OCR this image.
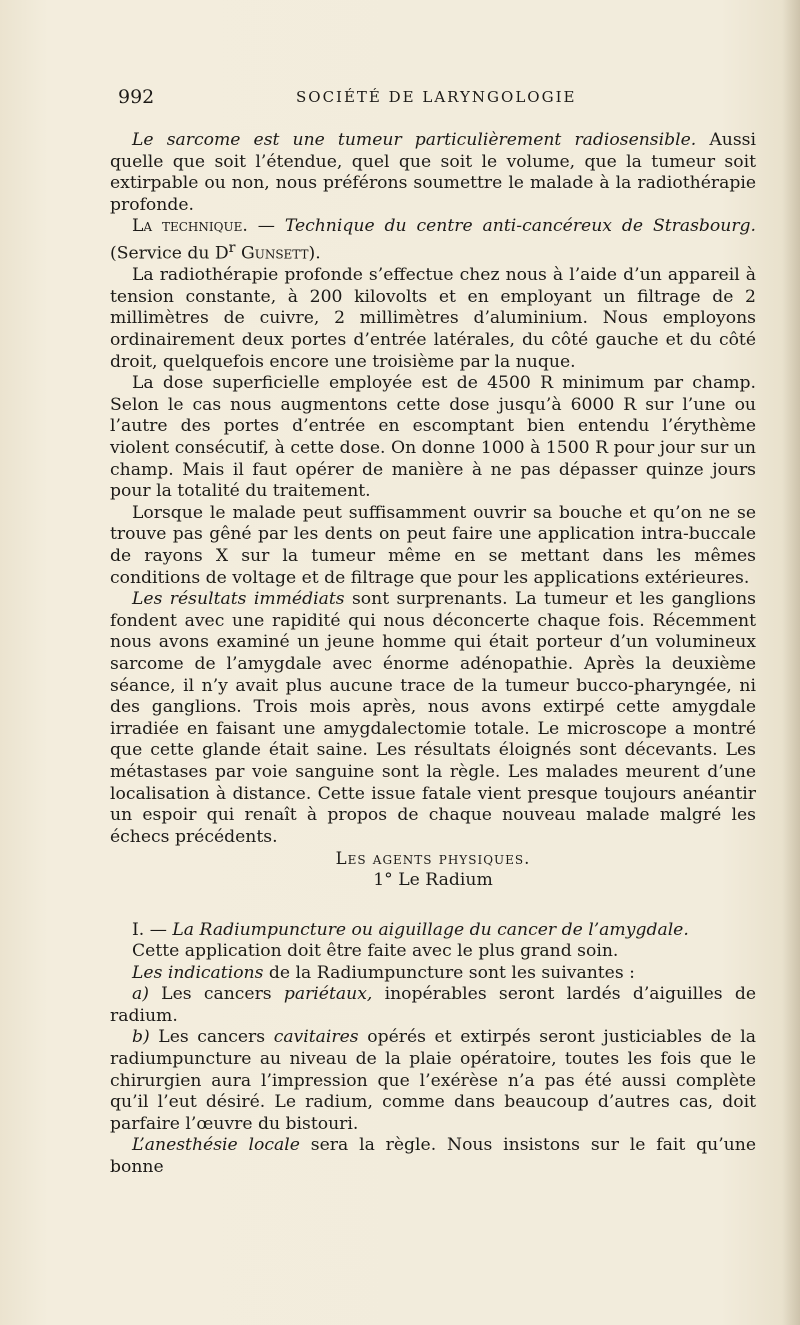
992	SOCIÉTÉ DE LARYNGOLOGIE

Le sarcome est une tumeur particulièrement radiosensible. Aussi quelle que soit l’étendue, quel que soit le volume, que la tumeur soit extirpable ou non, nous préférons soumettre le malade à la radiothérapie profonde.

La technique. — Technique du centre anti-cancéreux de Strasbourg. (Service du $D^r$ Gunsett).

La radiothérapie profonde s’effectue chez nous à l’aide d’un appareil à tension constante, à 200 kilovolts et en employant un filtrage de 2 millimètres de cuivre, 2 millimètres d’aluminium. Nous employons ordinairement deux portes d’entrée latérales, du côté gauche et du côté droit, quelquefois encore une troisième par la nuque.

La dose superficielle employée est de 4500 R minimum par champ. Selon le cas nous augmentons cette dose jusqu’à 6000 R sur l’une ou l’autre des portes d’entrée en escomptant bien entendu l’érythème violent consécutif, à cette dose. On donne 1000 à 1500 R pour jour sur un champ. Mais il faut opérer de manière à ne pas dépasser quinze jours pour la totalité du traitement.

Lorsque le malade peut suffisamment ouvrir sa bouche et qu’on ne se trouve pas gêné par les dents on peut faire une application intra-buccale de rayons X sur la tumeur même en se mettant dans les mêmes conditions de voltage et de filtrage que pour les applications extérieures.

Les résultats immédiats sont surprenants. La tumeur et les ganglions fondent avec une rapidité qui nous déconcerte chaque fois. Récemment nous avons examiné un jeune homme qui était porteur d’un volumineux sarcome de l’amygdale avec énorme adénopathie. Après la deuxième séance, il n’y avait plus aucune trace de la tumeur bucco-pharyngée, ni des ganglions. Trois mois après, nous avons extirpé cette amygdale irradiée en faisant une amygdalectomie totale. Le microscope a montré que cette glande était saine. Les résultats éloignés sont décevants. Les métastases par voie sanguine sont la règle. Les malades meurent d’une localisation à distance. Cette issue fatale vient presque toujours anéantir un espoir qui renaît à propos de chaque nouveau malade malgré les échecs précédents.

Les agents physiques.

1° Le Radium

I. — La Radiumpuncture ou aiguillage du cancer de l’amygdale.

Cette application doit être faite avec le plus grand soin.

Les indications de la Radiumpuncture sont les suivantes :

a) Les cancers pariétaux, inopérables seront lardés d’aiguilles de radium.

b) Les cancers cavitaires opérés et extirpés seront justiciables de la radiumpuncture au niveau de la plaie opératoire, toutes les fois que le chirurgien aura l’impression que l’exérèse n’a pas été aussi complète qu’il l’eut désiré. Le radium, comme dans beaucoup d’autres cas, doit parfaire l’œuvre du bistouri.

L’anesthésie locale sera la règle. Nous insistons sur le fait qu’une bonne
